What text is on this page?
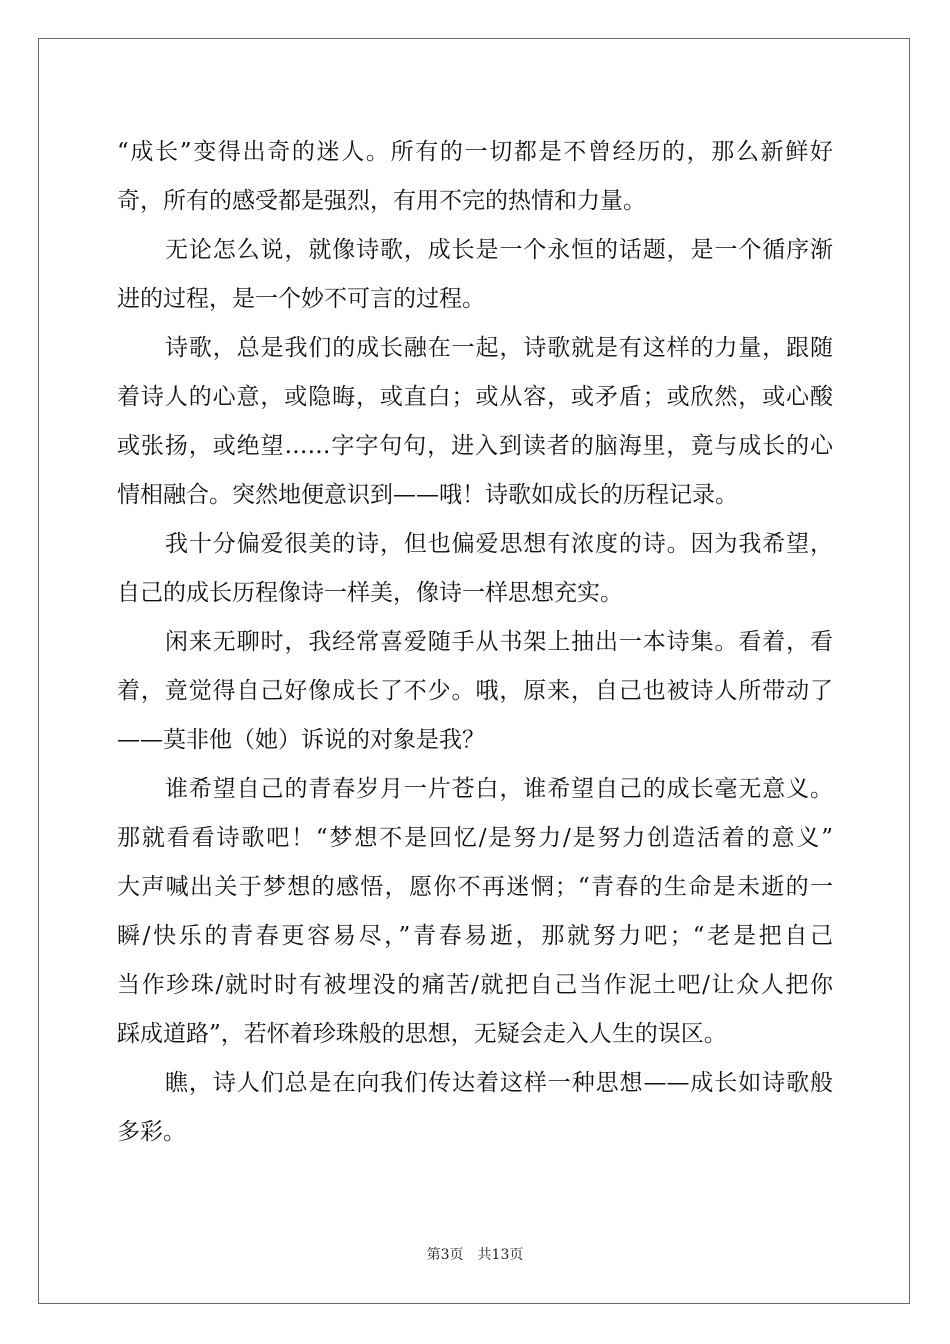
“成长”变得出奇的迷人。所有的一切都是不曾经历的，那么新鲜好
奇，所有的感受都是强烈，有用不完的热情和力量。
无论怎么说，就像诗歌，成长是一个永恒的话题，是一个循序渐
进的过程，是一个妙不可言的过程。
诗歌，总是我们的成长融在一起，诗歌就是有这样的力量，跟随
着诗人的心意，或隐晦，或直白；或从容，或矛盾；或欣然，或心酸
或张扬，或绝望……字字句句，进入到读者的脑海里，竟与成长的心
情相融合。突然地便意识到——哦！诗歌如成长的历程记录。
我十分偏爱很美的诗，但也偏爱思想有浓度的诗。因为我希望，
自己的成长历程像诗一样美，像诗一样思想充实。
闲来无聊时，我经常喜爱随手从书架上抽出一本诗集。看着，看
着，竟觉得自己好像成长了不少。哦，原来，自己也被诗人所带动了
——莫非他（她）诉说的对象是我？
谁希望自己的青春岁月一片苍白，谁希望自己的成长毫无意义。
那就看看诗歌吧！“梦想不是回忆/是努力/是努力创造活着的意义”
大声喊出关于梦想的感悟，愿你不再迷惘；“青春的生命是未逝的一
瞬/快乐的青春更容易尽，”青春易逝，那就努力吧；“老是把自己
当作珍珠/就时时有被埋没的痛苦/就把自己当作泥土吧/让众人把你
踩成道路”，若怀着珍珠般的思想，无疑会走入人生的误区。
瞧，诗人们总是在向我们传达着这样一种思想——成长如诗歌般
多彩。
第3页 共13页
